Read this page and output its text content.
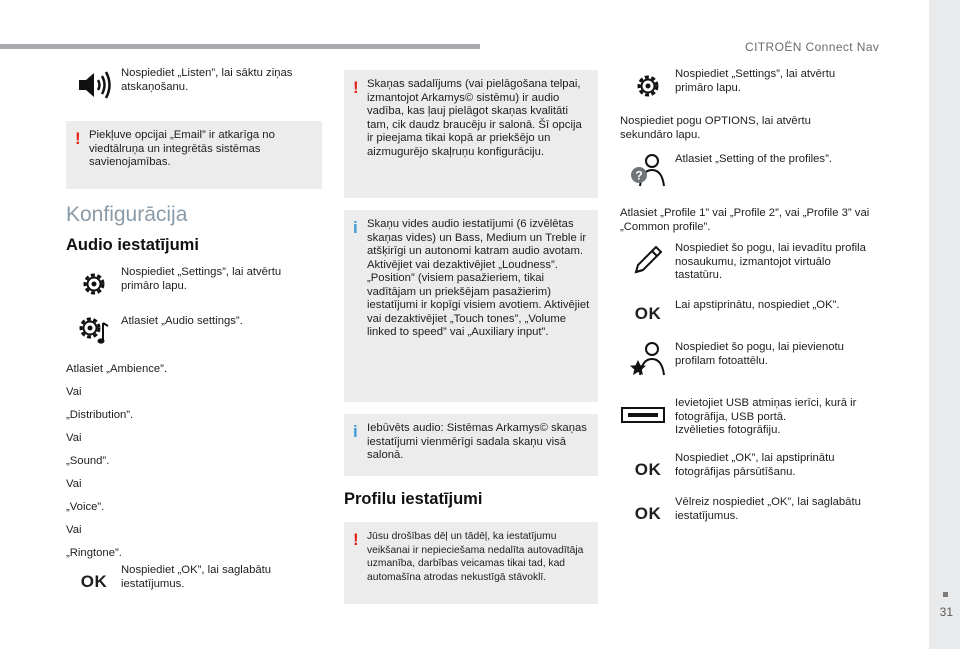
CITROËN Connect Nav
31
Nospiediet „Listen”, lai sāktu ziņas atskaņošanu.
! Piekļuve opcijai „Email” ir atkarīga no viedtālruņa un integrētās sistēmas savienojamības.
Konfigurācija
Audio iestatījumi
Nospiediet „Settings”, lai atvērtu primāro lapu.
Atlasiet „Audio settings”.
Atlasiet „Ambience”.
Vai
„Distribution”.
Vai
„Sound”.
Vai
„Voice”.
Vai
„Ringtone”.
OK
Nospiediet „OK”, lai saglabātu iestatījumus.
! Skaņas sadalījums (vai pielāgošana telpai, izmantojot Arkamys© sistēmu) ir audio vadība, kas ļauj pielāgot skaņas kvalitāti tam, cik daudz braucēju ir salonā. Šī opcija ir pieejama tikai kopā ar priekšējo un aizmugurējo skaļruņu konfigurāciju.
i Skaņu vides audio iestatījumi (6 izvēlētas skaņas vides) un Bass, Medium un Treble ir atšķirīgi un autonomi katram audio avotam. Aktivējiet vai dezaktivējiet „Loudness”. „Position” (visiem pasažieriem, tikai vadītājam un priekšējam pasažierim) iestatījumi ir kopīgi visiem avotiem. Aktivējiet vai dezaktivējiet „Touch tones”, „Volume linked to speed” vai „Auxiliary input”.
i Iebūvēts audio: Sistēmas Arkamys© skaņas iestatījumi vienmērīgi sadala skaņu visā salonā.
Profilu iestatījumi
! Jūsu drošības dēļ un tādēļ, ka iestatījumu veikšanai ir nepieciešama nedalīta autovadītāja uzmanība, darbības veicamas tikai tad, kad automašīna atrodas nekustīgā stāvoklī.
Nospiediet „Settings”, lai atvērtu primāro lapu.
Nospiediet pogu OPTIONS, lai atvērtu sekundāro lapu.
?
Atlasiet „Setting of the profiles”.
Atlasiet „Profile 1” vai „Profile 2”, vai „Profile 3” vai „Common profile”.
Nospiediet šo pogu, lai ievadītu profila nosaukumu, izmantojot virtuālo tastatūru.
OK	Lai apstiprinātu, nospiediet „OK”.
Nospiediet šo pogu, lai pievienotu profilam fotoattēlu.
Ievietojiet USB atmiņas ierīci, kurā ir fotogrāfija, USB portā.
Izvēlieties fotogrāfiju.
OK
Nospiediet „OK”, lai apstiprinātu fotogrāfijas pārsūtīšanu.
OK
Vēlreiz nospiediet „OK”, lai saglabātu iestatījumus.
